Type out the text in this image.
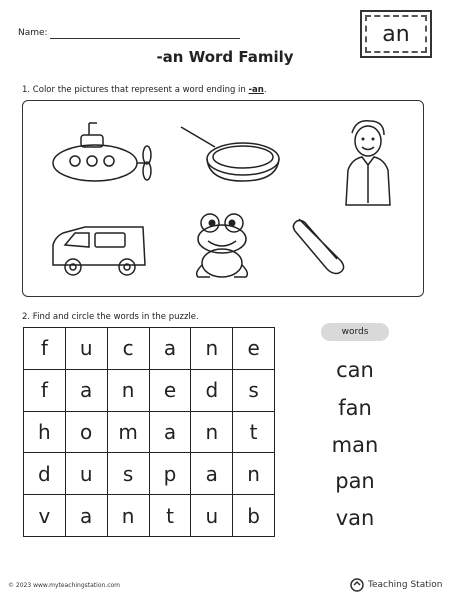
Name:
-an Word Family
an
1. Color the pictures that represent a word ending in -an.
2. Find and circle the words in the puzzle.
f	u	c	a	n	e
f	a	n	e	d	s
h	o	m	a	n	t
d	u	s	p	a	n
v	a	n	t	u	b
words
can
fan
man
pan
van
© 2023 www.myteachingstation.com	Teaching Station
